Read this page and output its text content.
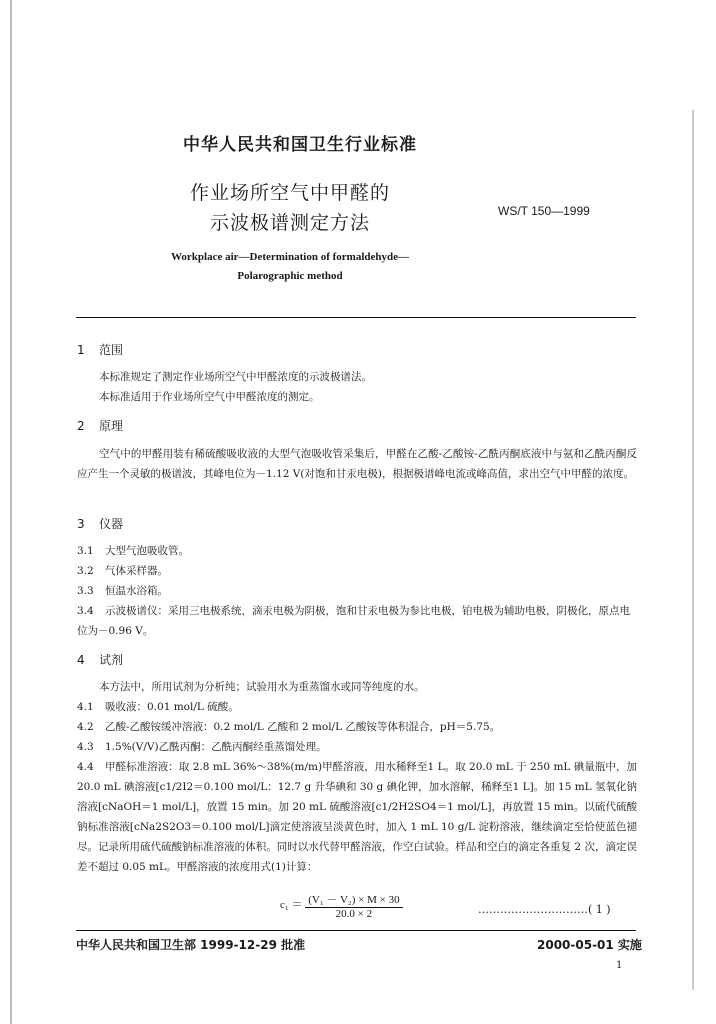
中华人民共和国卫生行业标准
作业场所空气中甲醛的
示波极谱测定方法
WS/T 150—1999
Workplace air—Determination of formaldehyde—
Polarographic method
1 范围
本标准规定了测定作业场所空气中甲醛浓度的示波极谱法。
本标准适用于作业场所空气中甲醛浓度的测定。
2 原理
空气中的甲醛用装有稀硫酸吸收液的大型气泡吸收管采集后，甲醛在乙酸-乙酸铵-乙酰丙酮底液中与氨和乙酰丙酮反应产生一个灵敏的极谱波，其峰电位为－1.12 V(对饱和甘汞电极)，根据极谱峰电流或峰高值，求出空气中甲醛的浓度。
3 仪器
3.1 大型气泡吸收管。
3.2 气体采样器。
3.3 恒温水浴箱。
3.4 示波极谱仪：采用三电极系统，滴汞电极为阴极，饱和甘汞电极为参比电极，铂电极为辅助电极，阴极化，原点电位为－0.96 V。
4 试剂
本方法中，所用试剂为分析纯；试验用水为重蒸馏水或同等纯度的水。
4.1 吸收液：0.01 mol/L 硫酸。
4.2 乙酸-乙酸铵缓冲溶液：0.2 mol/L 乙酸和 2 mol/L 乙酸铵等体积混合，pH＝5.75。
4.3 1.5%(V/V)乙酰丙酮：乙酰丙酮经重蒸馏处理。
4.4 甲醛标准溶液：取 2.8 mL 36%～38%(m/m)甲醛溶液，用水稀释至1 L。取 20.0 mL 于 250 mL 碘量瓶中，加 20.0 mL 碘溶液[c1/2I2＝0.100 mol/L：12.7 g 升华碘和 30 g 碘化钾，加水溶解，稀释至1 L]。加 15 mL 氢氧化钠溶液[cNaOH＝1 mol/L]，放置 15 min。加 20 mL 硫酸溶液[c1/2H2SO4＝1 mol/L]，再放置 15 min。以硫代硫酸钠标准溶液[cNa2S2O3＝0.100 mol/L]滴定使溶液呈淡黄色时，加入 1 mL 10 g/L 淀粉溶液，继续滴定至恰使蓝色褪尽。记录所用硫代硫酸钠标准溶液的体积。同时以水代替甲醛溶液，作空白试验。样品和空白的滴定各重复 2 次，滴定误差不超过 0.05 mL。甲醛溶液的浓度用式(1)计算：
$c_1 = \frac{\text{(V₁ － V₂) × M × 30}}{20.0 \times 2}$	…………………………( 1 )
中华人民共和国卫生部 1999-12-29 批准	2000-05-01 实施
1
